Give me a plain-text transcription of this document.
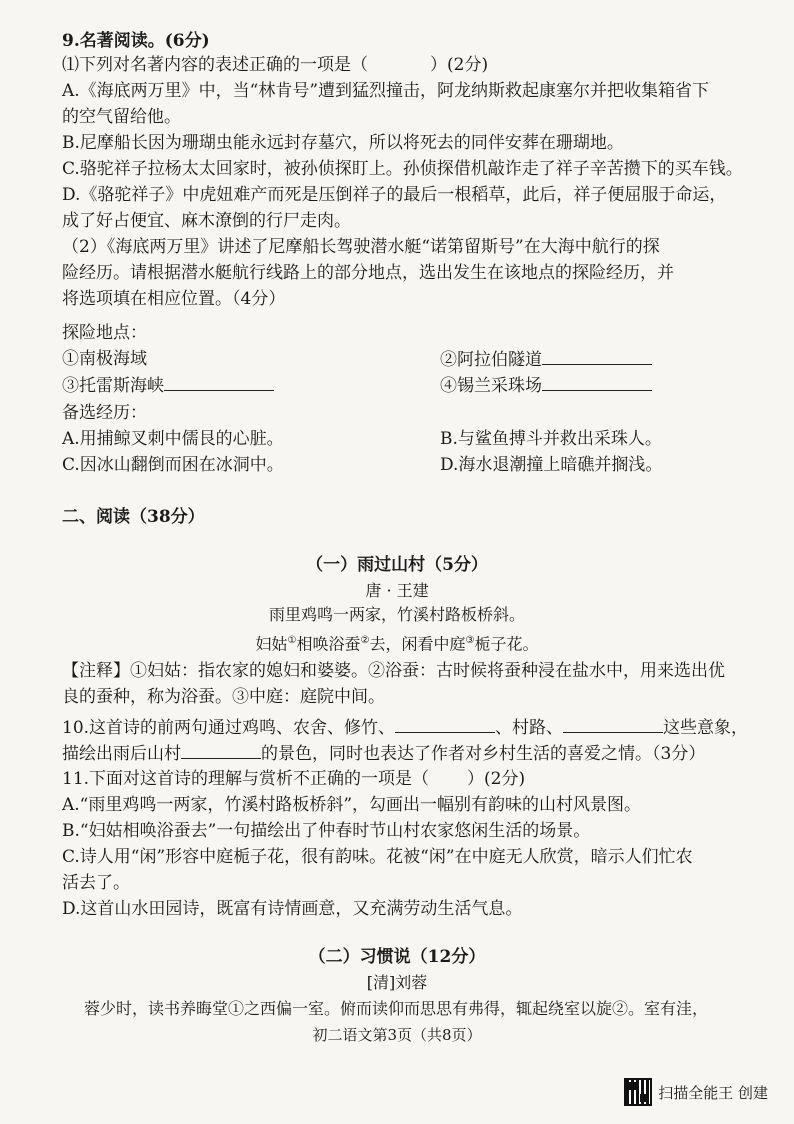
9.名著阅读。(6分)
⑴下列对名著内容的表述正确的一项是（	）(2分)
A.《海底两万里》中，当“林肯号”遭到猛烈撞击，阿龙纳斯救起康塞尔并把收集箱省下
的空气留给他。
B.尼摩船长因为珊瑚虫能永远封存墓穴，所以将死去的同伴安葬在珊瑚地。
C.骆驼祥子拉杨太太回家时，被孙侦探盯上。孙侦探借机敲诈走了祥子辛苦攒下的买车钱。
D.《骆驼祥子》中虎妞难产而死是压倒祥子的最后一根稻草，此后，祥子便屈服于命运，
成了好占便宜、麻木潦倒的行尸走肉。
（2）《海底两万里》讲述了尼摩船长驾驶潜水艇“诺第留斯号”在大海中航行的探
险经历。请根据潜水艇航行线路上的部分地点，选出发生在该地点的探险经历，并
将选项填在相应位置。（4分）
探险地点：
①南极海域	②阿拉伯隧道
③托雷斯海峡	④锡兰采珠场
备选经历：
A.用捕鲸叉刺中儒艮的心脏。	B.与鲨鱼搏斗并救出采珠人。
C.因冰山翻倒而困在冰洞中。	D.海水退潮撞上暗礁并搁浅。
二、阅读（38分）
（一）雨过山村（5分）
唐 · 王建
雨里鸡鸣一两家，竹溪村路板桥斜。
妇姑①相唤浴蚕②去，闲看中庭③栀子花。
【注释】①妇姑：指农家的媳妇和婆婆。②浴蚕：古时候将蚕种浸在盐水中，用来选出优
良的蚕种，称为浴蚕。③中庭：庭院中间。
10.这首诗的前两句通过鸡鸣、农舍、修竹、	、村路、	这些意象，
描绘出雨后山村	的景色，同时也表达了作者对乡村生活的喜爱之情。（3分）
11.下面对这首诗的理解与赏析不正确的一项是（ ）(2分)
A.“雨里鸡鸣一两家，竹溪村路板桥斜”，勾画出一幅别有韵味的山村风景图。
B.“妇姑相唤浴蚕去”一句描绘出了仲春时节山村农家悠闲生活的场景。
C.诗人用“闲”形容中庭栀子花，很有韵味。花被“闲”在中庭无人欣赏，暗示人们忙农
活去了。
D.这首山水田园诗，既富有诗情画意，又充满劳动生活气息。
（二）习惯说（12分）
[清]刘蓉
蓉少时，读书养晦堂①之西偏一室。俯而读仰而思思有弗得，辄起绕室以旋②。室有洼，
初二语文第3页（共8页）
扫描全能王 创建
